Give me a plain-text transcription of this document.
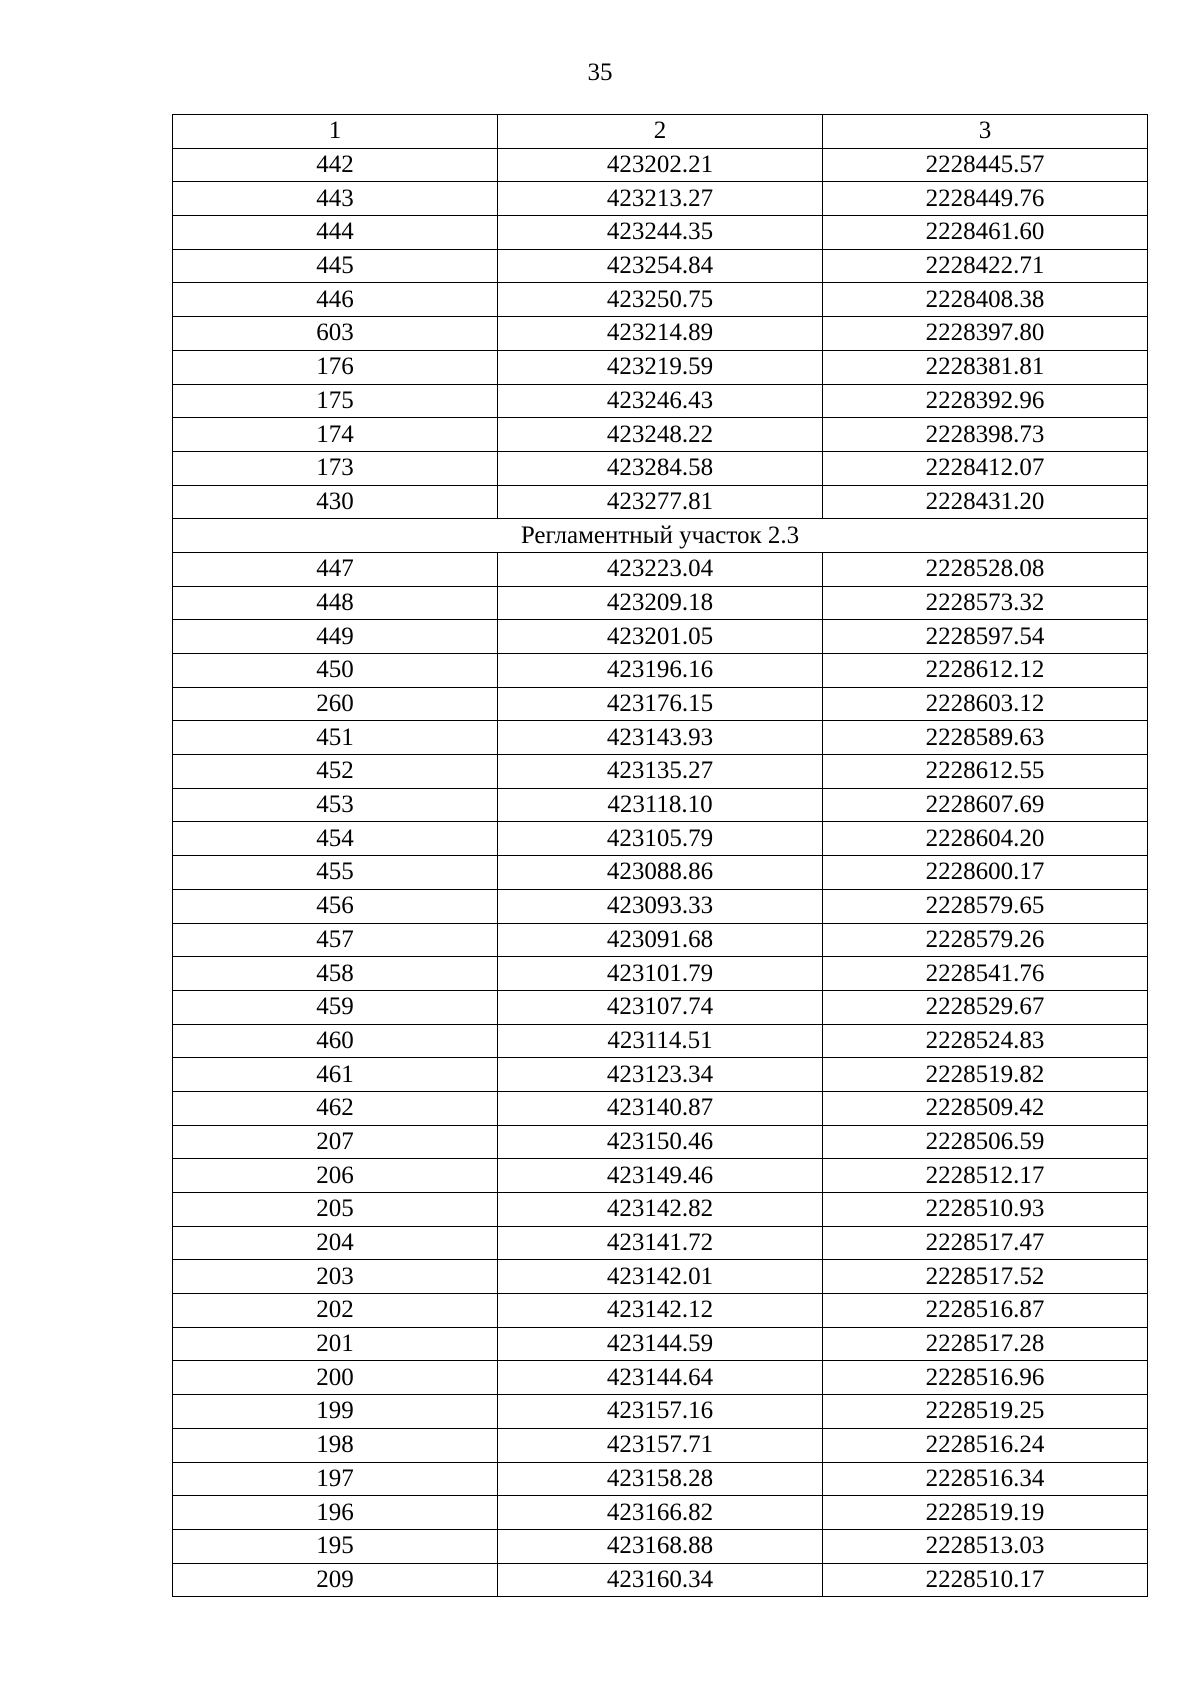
35
1	2	3
442	423202.21	2228445.57
443	423213.27	2228449.76
444	423244.35	2228461.60
445	423254.84	2228422.71
446	423250.75	2228408.38
603	423214.89	2228397.80
176	423219.59	2228381.81
175	423246.43	2228392.96
174	423248.22	2228398.73
173	423284.58	2228412.07
430	423277.81	2228431.20
Регламентный участок 2.3		
447	423223.04	2228528.08
448	423209.18	2228573.32
449	423201.05	2228597.54
450	423196.16	2228612.12
260	423176.15	2228603.12
451	423143.93	2228589.63
452	423135.27	2228612.55
453	423118.10	2228607.69
454	423105.79	2228604.20
455	423088.86	2228600.17
456	423093.33	2228579.65
457	423091.68	2228579.26
458	423101.79	2228541.76
459	423107.74	2228529.67
460	423114.51	2228524.83
461	423123.34	2228519.82
462	423140.87	2228509.42
207	423150.46	2228506.59
206	423149.46	2228512.17
205	423142.82	2228510.93
204	423141.72	2228517.47
203	423142.01	2228517.52
202	423142.12	2228516.87
201	423144.59	2228517.28
200	423144.64	2228516.96
199	423157.16	2228519.25
198	423157.71	2228516.24
197	423158.28	2228516.34
196	423166.82	2228519.19
195	423168.88	2228513.03
209	423160.34	2228510.17
